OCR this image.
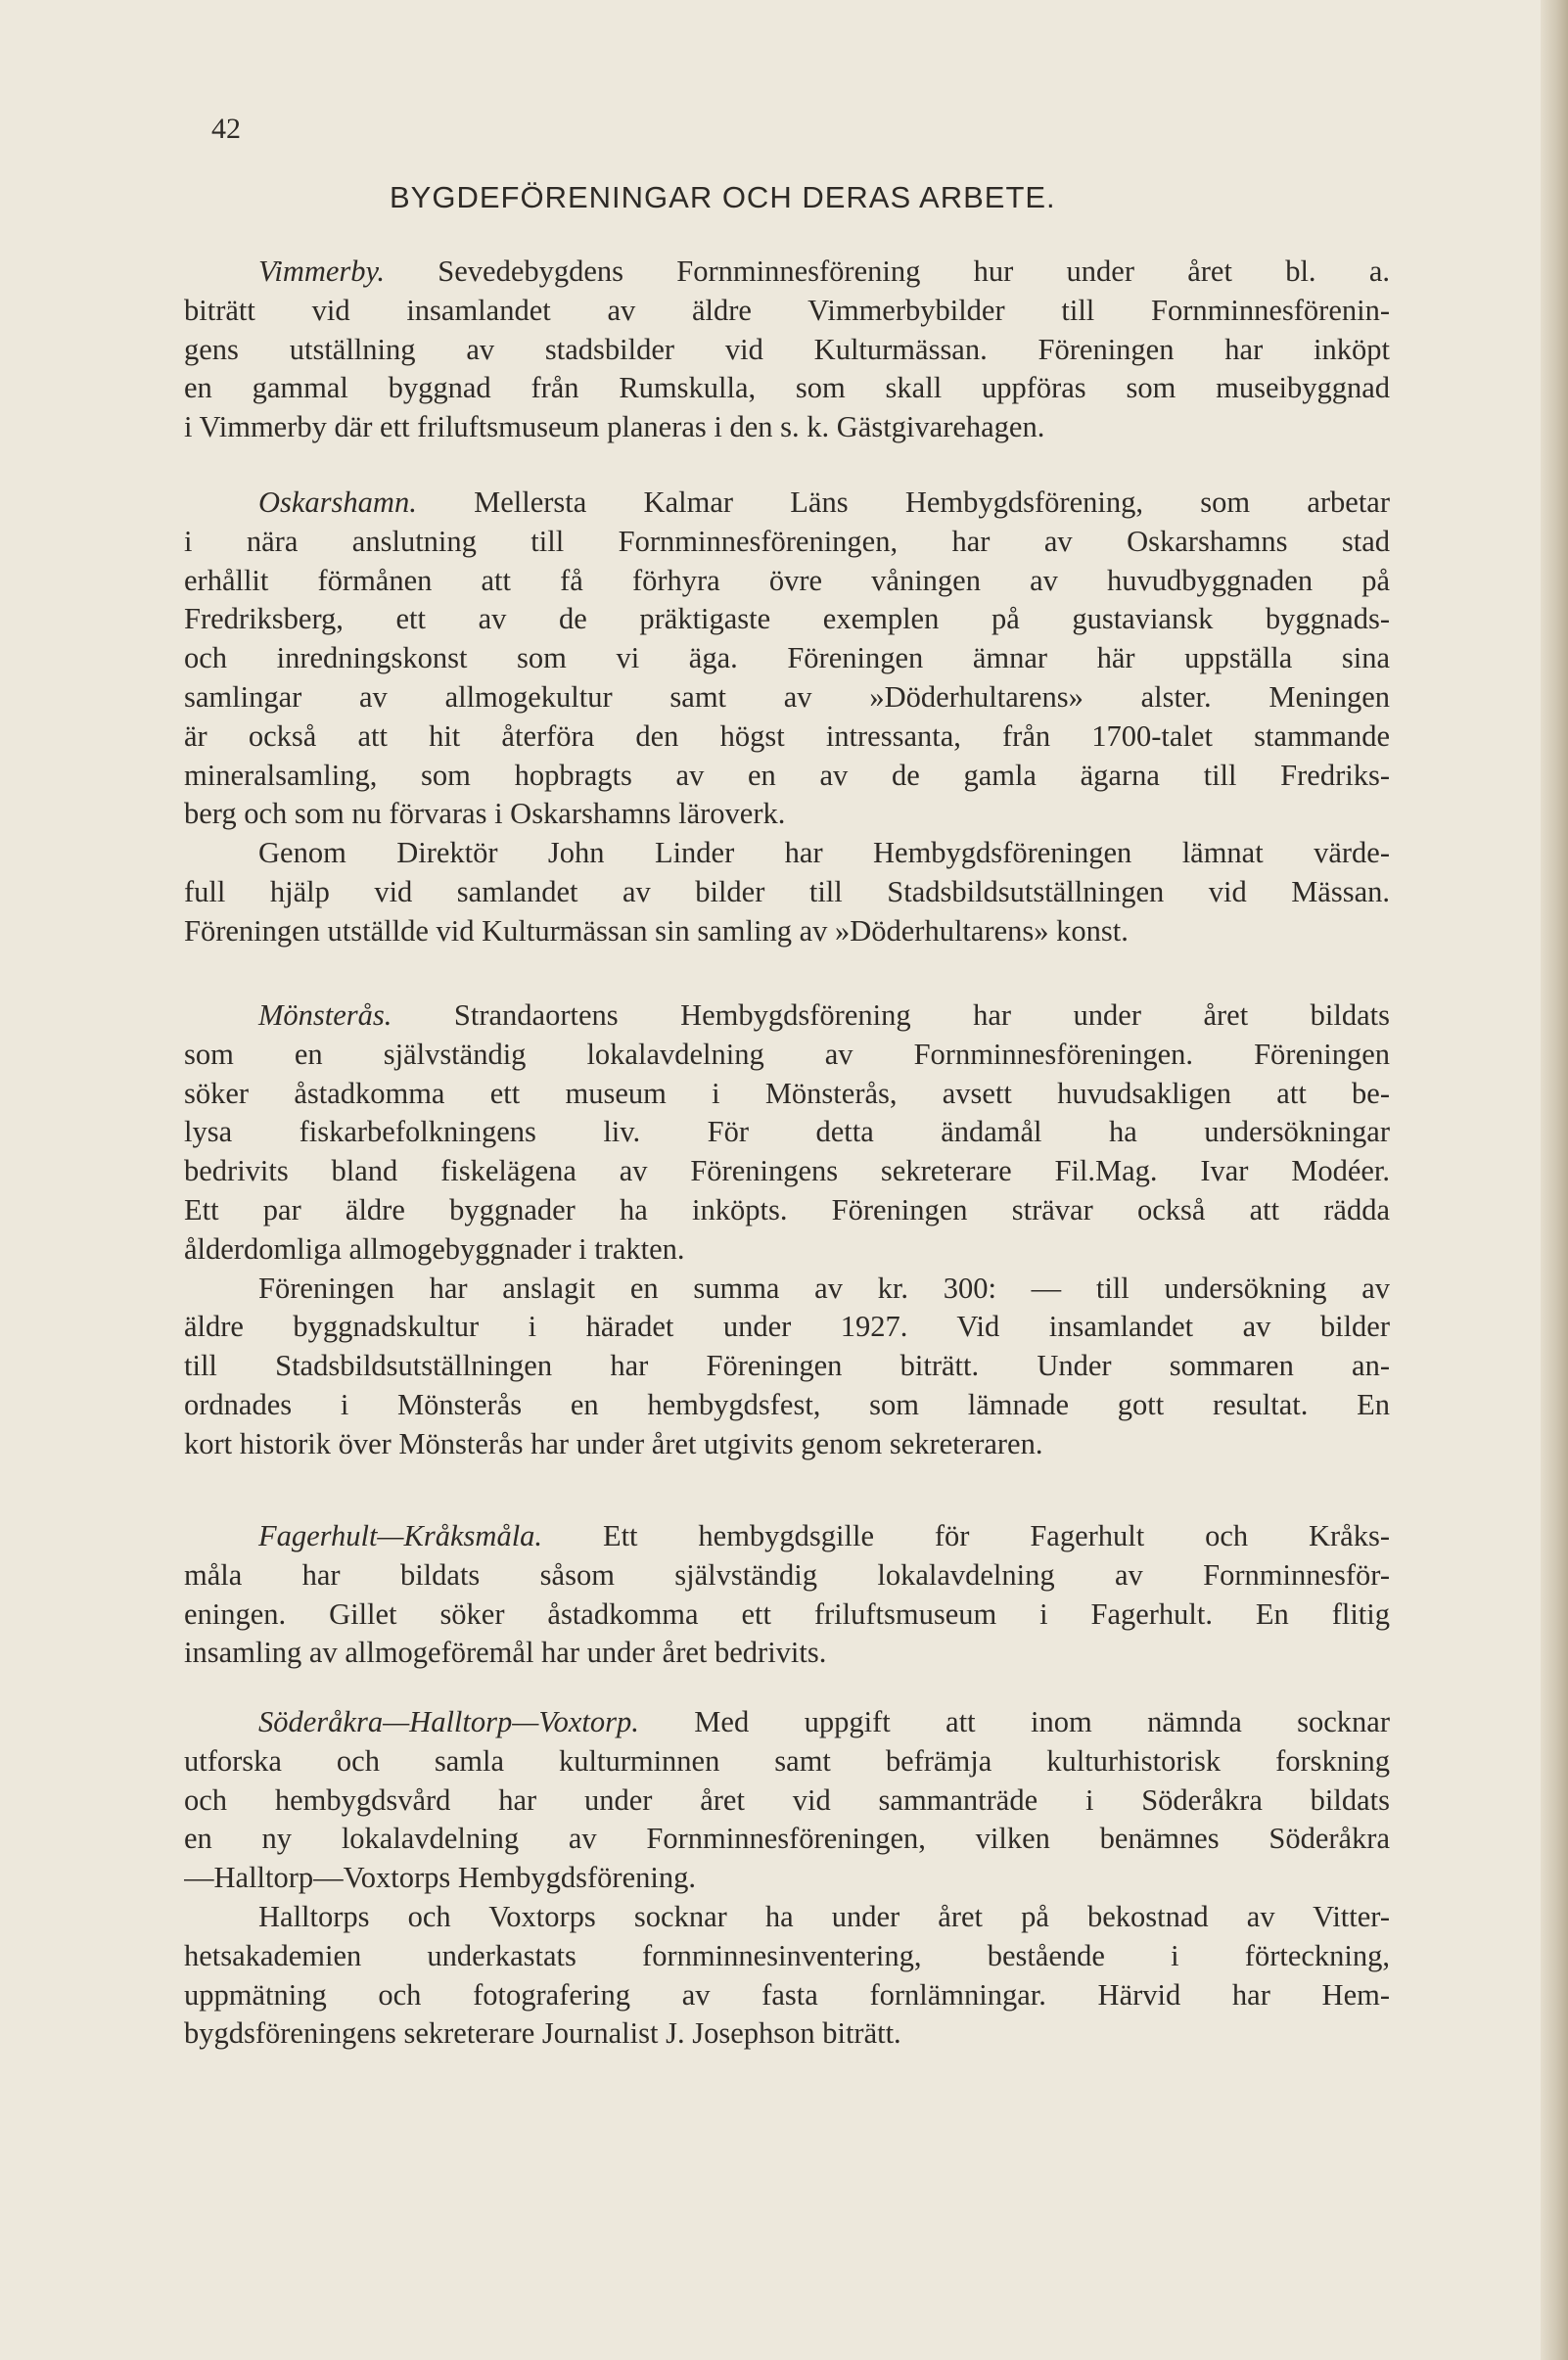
42

BYGDEFÖRENINGAR OCH DERAS ARBETE.
Vimmerby. Sevedebygdens Fornminnesförening hur under året bl. a.
biträtt vid insamlandet av äldre Vimmerbybilder till Fornminnesförenin-
gens utställning av stadsbilder vid Kulturmässan. Föreningen har inköpt
en gammal byggnad från Rumskulla, som skall uppföras som museibyggnad
i Vimmerby där ett friluftsmuseum planeras i den s. k. Gästgivarehagen.
Oskarshamn. Mellersta Kalmar Läns Hembygdsförening, som arbetar
i nära anslutning till Fornminnesföreningen, har av Oskarshamns stad
erhållit förmånen att få förhyra övre våningen av huvudbyggnaden på
Fredriksberg, ett av de präktigaste exemplen på gustaviansk byggnads-
och inredningskonst som vi äga. Föreningen ämnar här uppställa sina
samlingar av allmogekultur samt av »Döderhultarens» alster. Meningen
är också att hit återföra den högst intressanta, från 1700-talet stammande
mineralsamling, som hopbragts av en av de gamla ägarna till Fredriks-
berg och som nu förvaras i Oskarshamns läroverk.
Genom Direktör John Linder har Hembygdsföreningen lämnat värde-
full hjälp vid samlandet av bilder till Stadsbildsutställningen vid Mässan.
Föreningen utställde vid Kulturmässan sin samling av »Döderhultarens» konst.
Mönsterås. Strandaortens Hembygdsförening har under året bildats
som en självständig lokalavdelning av Fornminnesföreningen. Föreningen
söker åstadkomma ett museum i Mönsterås, avsett huvudsakligen att be-
lysa fiskarbefolkningens liv. För detta ändamål ha undersökningar
bedrivits bland fiskelägena av Föreningens sekreterare Fil.Mag. Ivar Modéer.
Ett par äldre byggnader ha inköpts. Föreningen strävar också att rädda
ålderdomliga allmogebyggnader i trakten.
Föreningen har anslagit en summa av kr. 300: — till undersökning av
äldre byggnadskultur i häradet under 1927. Vid insamlandet av bilder
till Stadsbildsutställningen har Föreningen biträtt. Under sommaren an-
ordnades i Mönsterås en hembygdsfest, som lämnade gott resultat. En
kort historik över Mönsterås har under året utgivits genom sekreteraren.
Fagerhult—Kråksmåla. Ett hembygdsgille för Fagerhult och Kråks-
måla har bildats såsom självständig lokalavdelning av Fornminnesför-
eningen. Gillet söker åstadkomma ett friluftsmuseum i Fagerhult. En flitig
insamling av allmogeföremål har under året bedrivits.
Söderåkra—Halltorp—Voxtorp. Med uppgift att inom nämnda socknar
utforska och samla kulturminnen samt befrämja kulturhistorisk forskning
och hembygdsvård har under året vid sammanträde i Söderåkra bildats
en ny lokalavdelning av Fornminnesföreningen, vilken benämnes Söderåkra
—Halltorp—Voxtorps Hembygdsförening.
Halltorps och Voxtorps socknar ha under året på bekostnad av Vitter-
hetsakademien underkastats fornminnesinventering, bestående i förteckning,
uppmätning och fotografering av fasta fornlämningar. Härvid har Hem-
bygdsföreningens sekreterare Journalist J. Josephson biträtt.
